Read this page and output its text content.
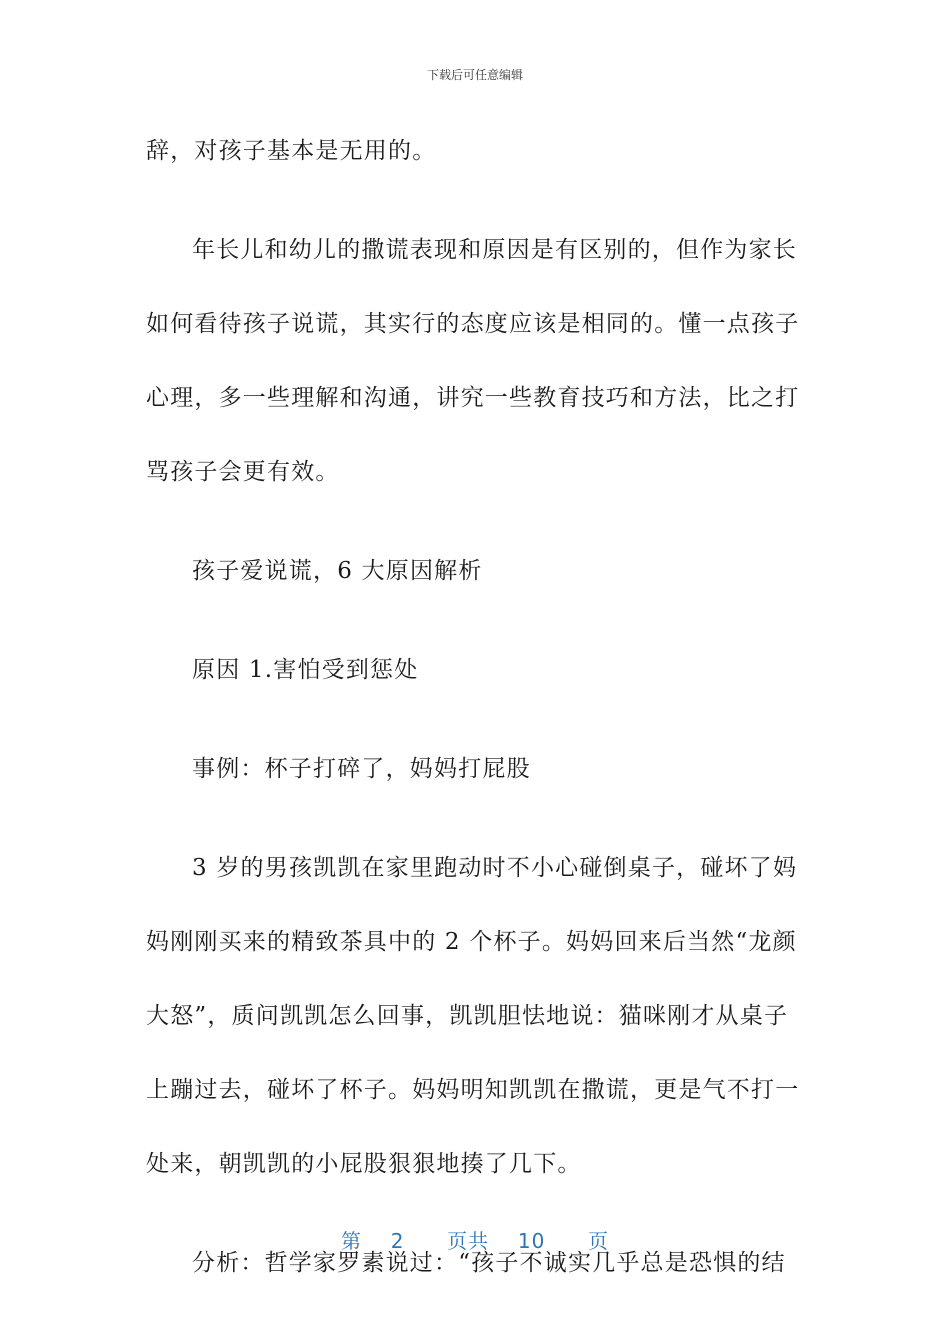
下载后可任意编辑

辞，对孩子基本是无用的。

年长儿和幼儿的撒谎表现和原因是有区别的，但作为家长
如何看待孩子说谎，其实行的态度应该是相同的。懂一点孩子
心理，多一些理解和沟通，讲究一些教育技巧和方法，比之打
骂孩子会更有效。

孩子爱说谎，6 大原因解析

原因 1.害怕受到惩处

事例：杯子打碎了，妈妈打屁股

3 岁的男孩凯凯在家里跑动时不小心碰倒桌子，碰坏了妈
妈刚刚买来的精致茶具中的 2 个杯子。妈妈回来后当然“龙颜
大怒”，质问凯凯怎么回事，凯凯胆怯地说：猫咪刚才从桌子
上蹦过去，碰坏了杯子。妈妈明知凯凯在撒谎，更是气不打一
处来，朝凯凯的小屁股狠狠地揍了几下。

分析：哲学家罗素说过：“孩子不诚实几乎总是恐惧的结

第 2 页共 10 页
